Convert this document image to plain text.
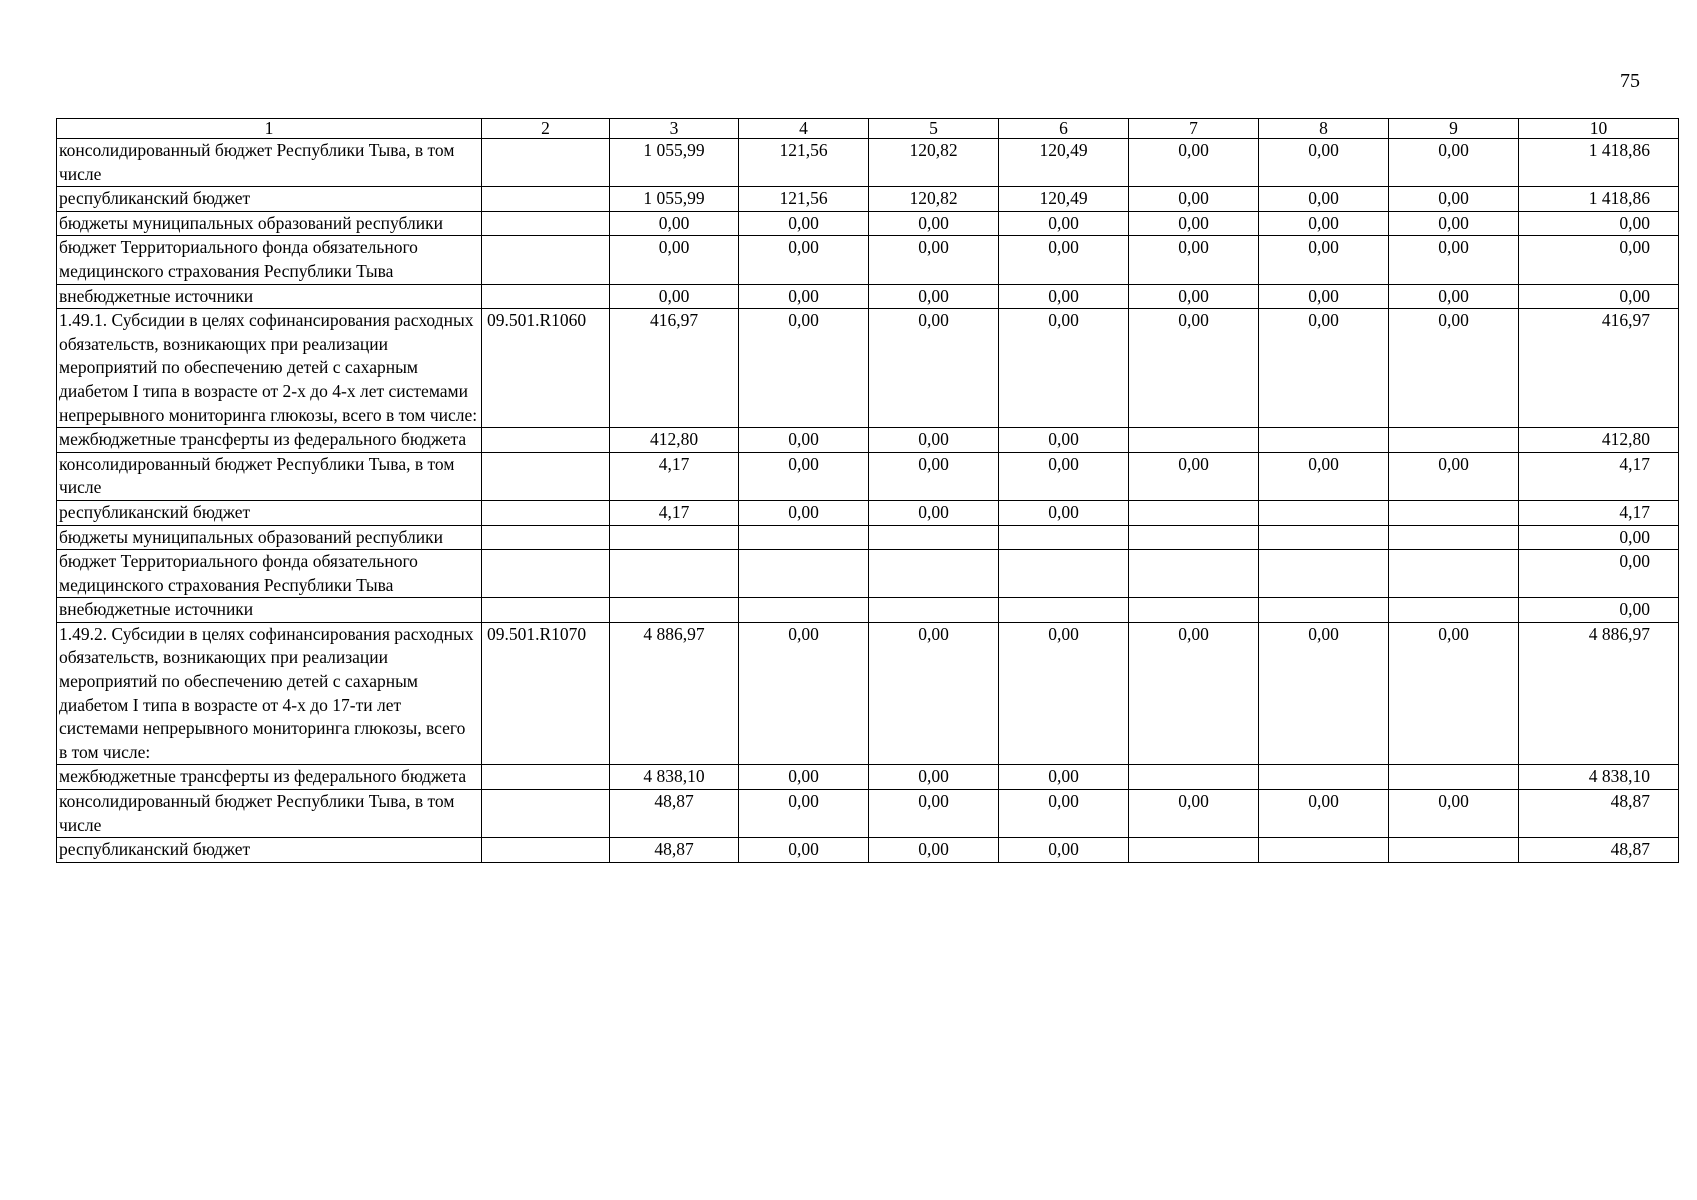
75
1	2	3	4	5	6	7	8	9	10
консолидированный бюджет Республики Тыва, в том числе		1 055,99	121,56	120,82	120,49	0,00	0,00	0,00	1 418,86
республиканский бюджет		1 055,99	121,56	120,82	120,49	0,00	0,00	0,00	1 418,86
бюджеты муниципальных образований республики		0,00	0,00	0,00	0,00	0,00	0,00	0,00	0,00
бюджет Территориального фонда обязательного медицинского страхования Республики Тыва		0,00	0,00	0,00	0,00	0,00	0,00	0,00	0,00
внебюджетные источники		0,00	0,00	0,00	0,00	0,00	0,00	0,00	0,00
1.49.1. Субсидии в целях софинансирования расходных обязательств, возникающих при реализации мероприятий по обеспечению детей с сахарным диабетом I типа в возрасте от 2-х до 4-х лет системами непрерывного мониторинга глюкозы, всего в том числе:	09.501.R1060	416,97	0,00	0,00	0,00	0,00	0,00	0,00	416,97
межбюджетные трансферты из федерального бюджета		412,80	0,00	0,00	0,00				412,80
консолидированный бюджет Республики Тыва, в том числе		4,17	0,00	0,00	0,00	0,00	0,00	0,00	4,17
республиканский бюджет		4,17	0,00	0,00	0,00				4,17
бюджеты муниципальных образований республики									0,00
бюджет Территориального фонда обязательного медицинского страхования Республики Тыва									0,00
внебюджетные источники									0,00
1.49.2. Субсидии в целях софинансирования расходных обязательств, возникающих при реализации мероприятий по обеспечению детей с сахарным диабетом I типа в возрасте от 4-х до 17-ти лет системами непрерывного мониторинга глюкозы, всего в том числе:	09.501.R1070	4 886,97	0,00	0,00	0,00	0,00	0,00	0,00	4 886,97
межбюджетные трансферты из федерального бюджета		4 838,10	0,00	0,00	0,00				4 838,10
консолидированный бюджет Республики Тыва, в том числе		48,87	0,00	0,00	0,00	0,00	0,00	0,00	48,87
республиканский бюджет		48,87	0,00	0,00	0,00				48,87
